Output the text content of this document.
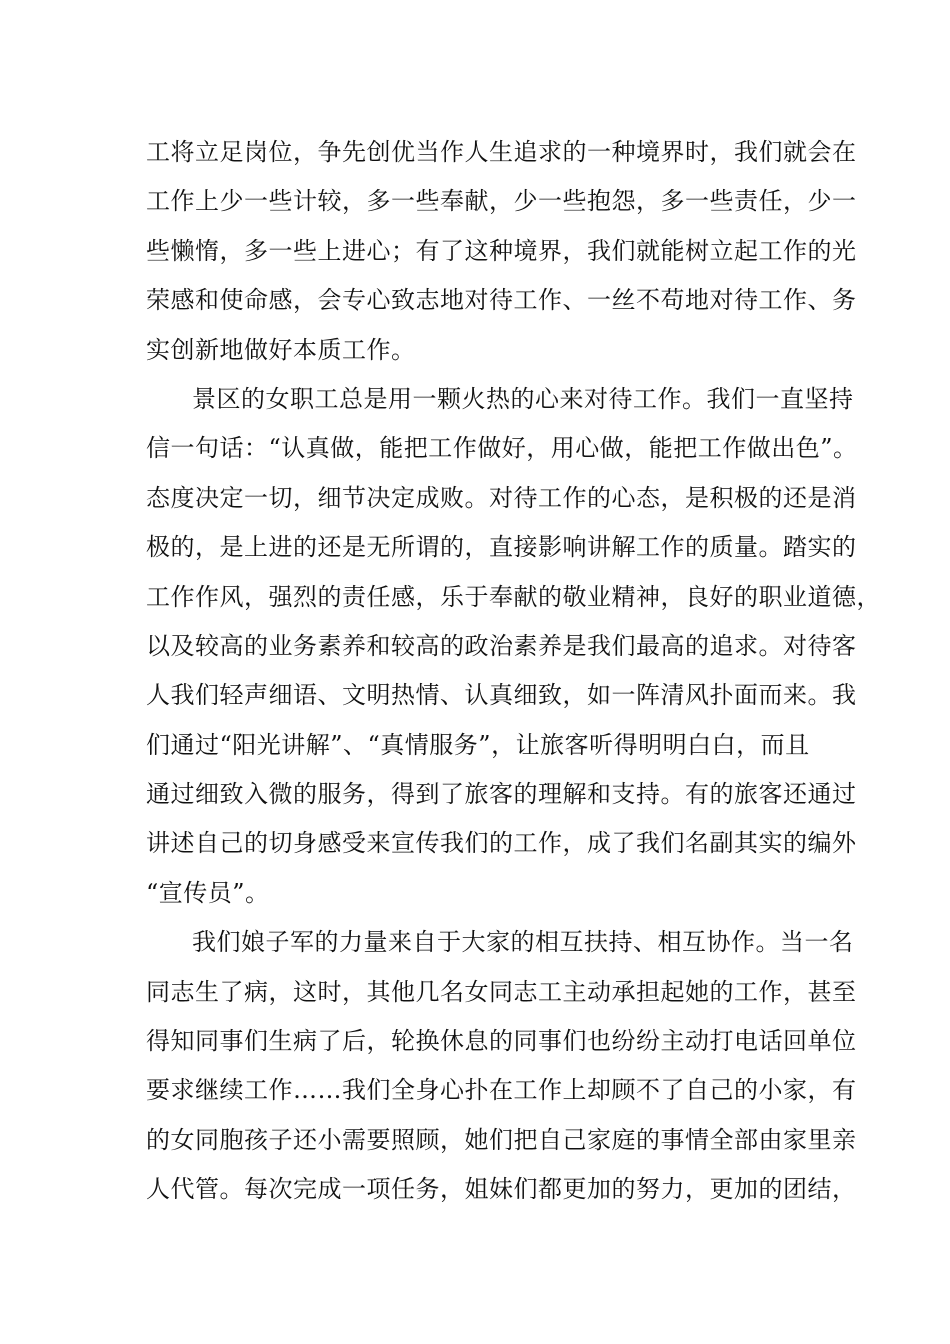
工将立足岗位，争先创优当作人生追求的一种境界时，我们就会在
工作上少一些计较，多一些奉献，少一些抱怨，多一些责任，少一
些懒惰，多一些上进心；有了这种境界，我们就能树立起工作的光
荣感和使命感，会专心致志地对待工作、一丝不苟地对待工作、务
实创新地做好本质工作。
景区的女职工总是用一颗火热的心来对待工作。我们一直坚持
信一句话：“认真做，能把工作做好，用心做，能把工作做出色”。
态度决定一切，细节决定成败。对待工作的心态，是积极的还是消
极的，是上进的还是无所谓的，直接影响讲解工作的质量。踏实的
工作作风，强烈的责任感，乐于奉献的敬业精神，良好的职业道德，
以及较高的业务素养和较高的政治素养是我们最高的追求。对待客
人我们轻声细语、文明热情、认真细致，如一阵清风扑面而来。我
们通过“阳光讲解”、“真情服务”，让旅客听得明明白白，而且
通过细致入微的服务，得到了旅客的理解和支持。有的旅客还通过
讲述自己的切身感受来宣传我们的工作，成了我们名副其实的编外
“宣传员”。
我们娘子军的力量来自于大家的相互扶持、相互协作。当一名
同志生了病，这时，其他几名女同志工主动承担起她的工作，甚至
得知同事们生病了后，轮换休息的同事们也纷纷主动打电话回单位
要求继续工作……我们全身心扑在工作上却顾不了自己的小家，有
的女同胞孩子还小需要照顾，她们把自己家庭的事情全部由家里亲
人代管。每次完成一项任务，姐妹们都更加的努力，更加的团结，
